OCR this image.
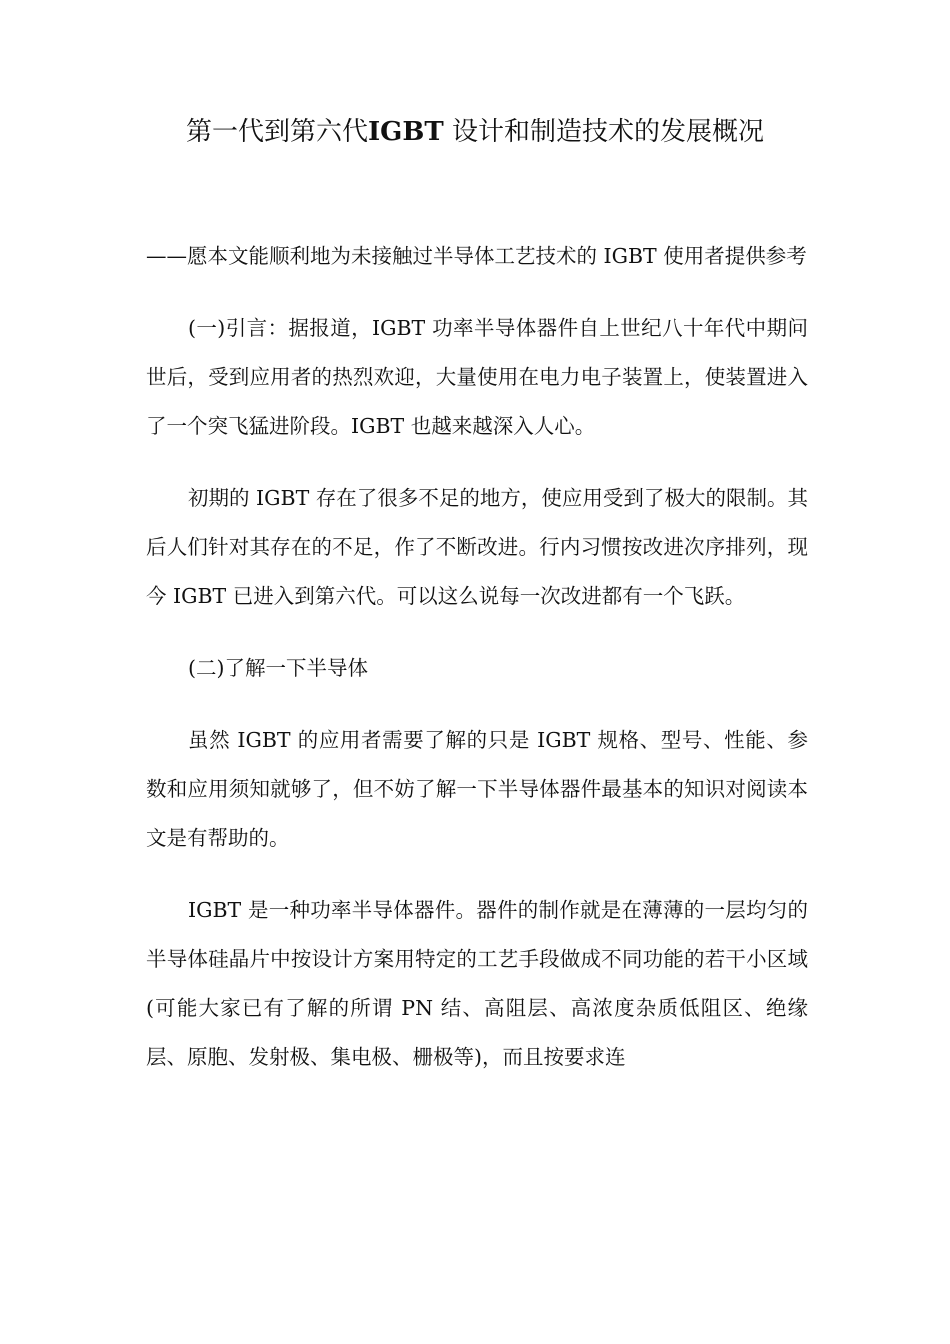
第一代到第六代IGBT 设计和制造技术的发展概况

——愿本文能顺利地为未接触过半导体工艺技术的 IGBT 使用者提供参考

(一)引言：据报道，IGBT 功率半导体器件自上世纪八十年代中期问世后，受到应用者的热烈欢迎，大量使用在电力电子装置上，使装置进入了一个突飞猛进阶段。IGBT 也越来越深入人心。

初期的 IGBT 存在了很多不足的地方，使应用受到了极大的限制。其后人们针对其存在的不足，作了不断改进。行内习惯按改进次序排列，现今 IGBT 已进入到第六代。可以这么说每一次改进都有一个飞跃。

(二)了解一下半导体

虽然 IGBT 的应用者需要了解的只是 IGBT 规格、型号、性能、参数和应用须知就够了，但不妨了解一下半导体器件最基本的知识对阅读本文是有帮助的。

IGBT 是一种功率半导体器件。器件的制作就是在薄薄的一层均匀的半导体硅晶片中按设计方案用特定的工艺手段做成不同功能的若干小区域(可能大家已有了解的所谓 PN 结、高阻层、高浓度杂质低阻区、绝缘层、原胞、发射极、集电极、栅极等)，而且按要求连
